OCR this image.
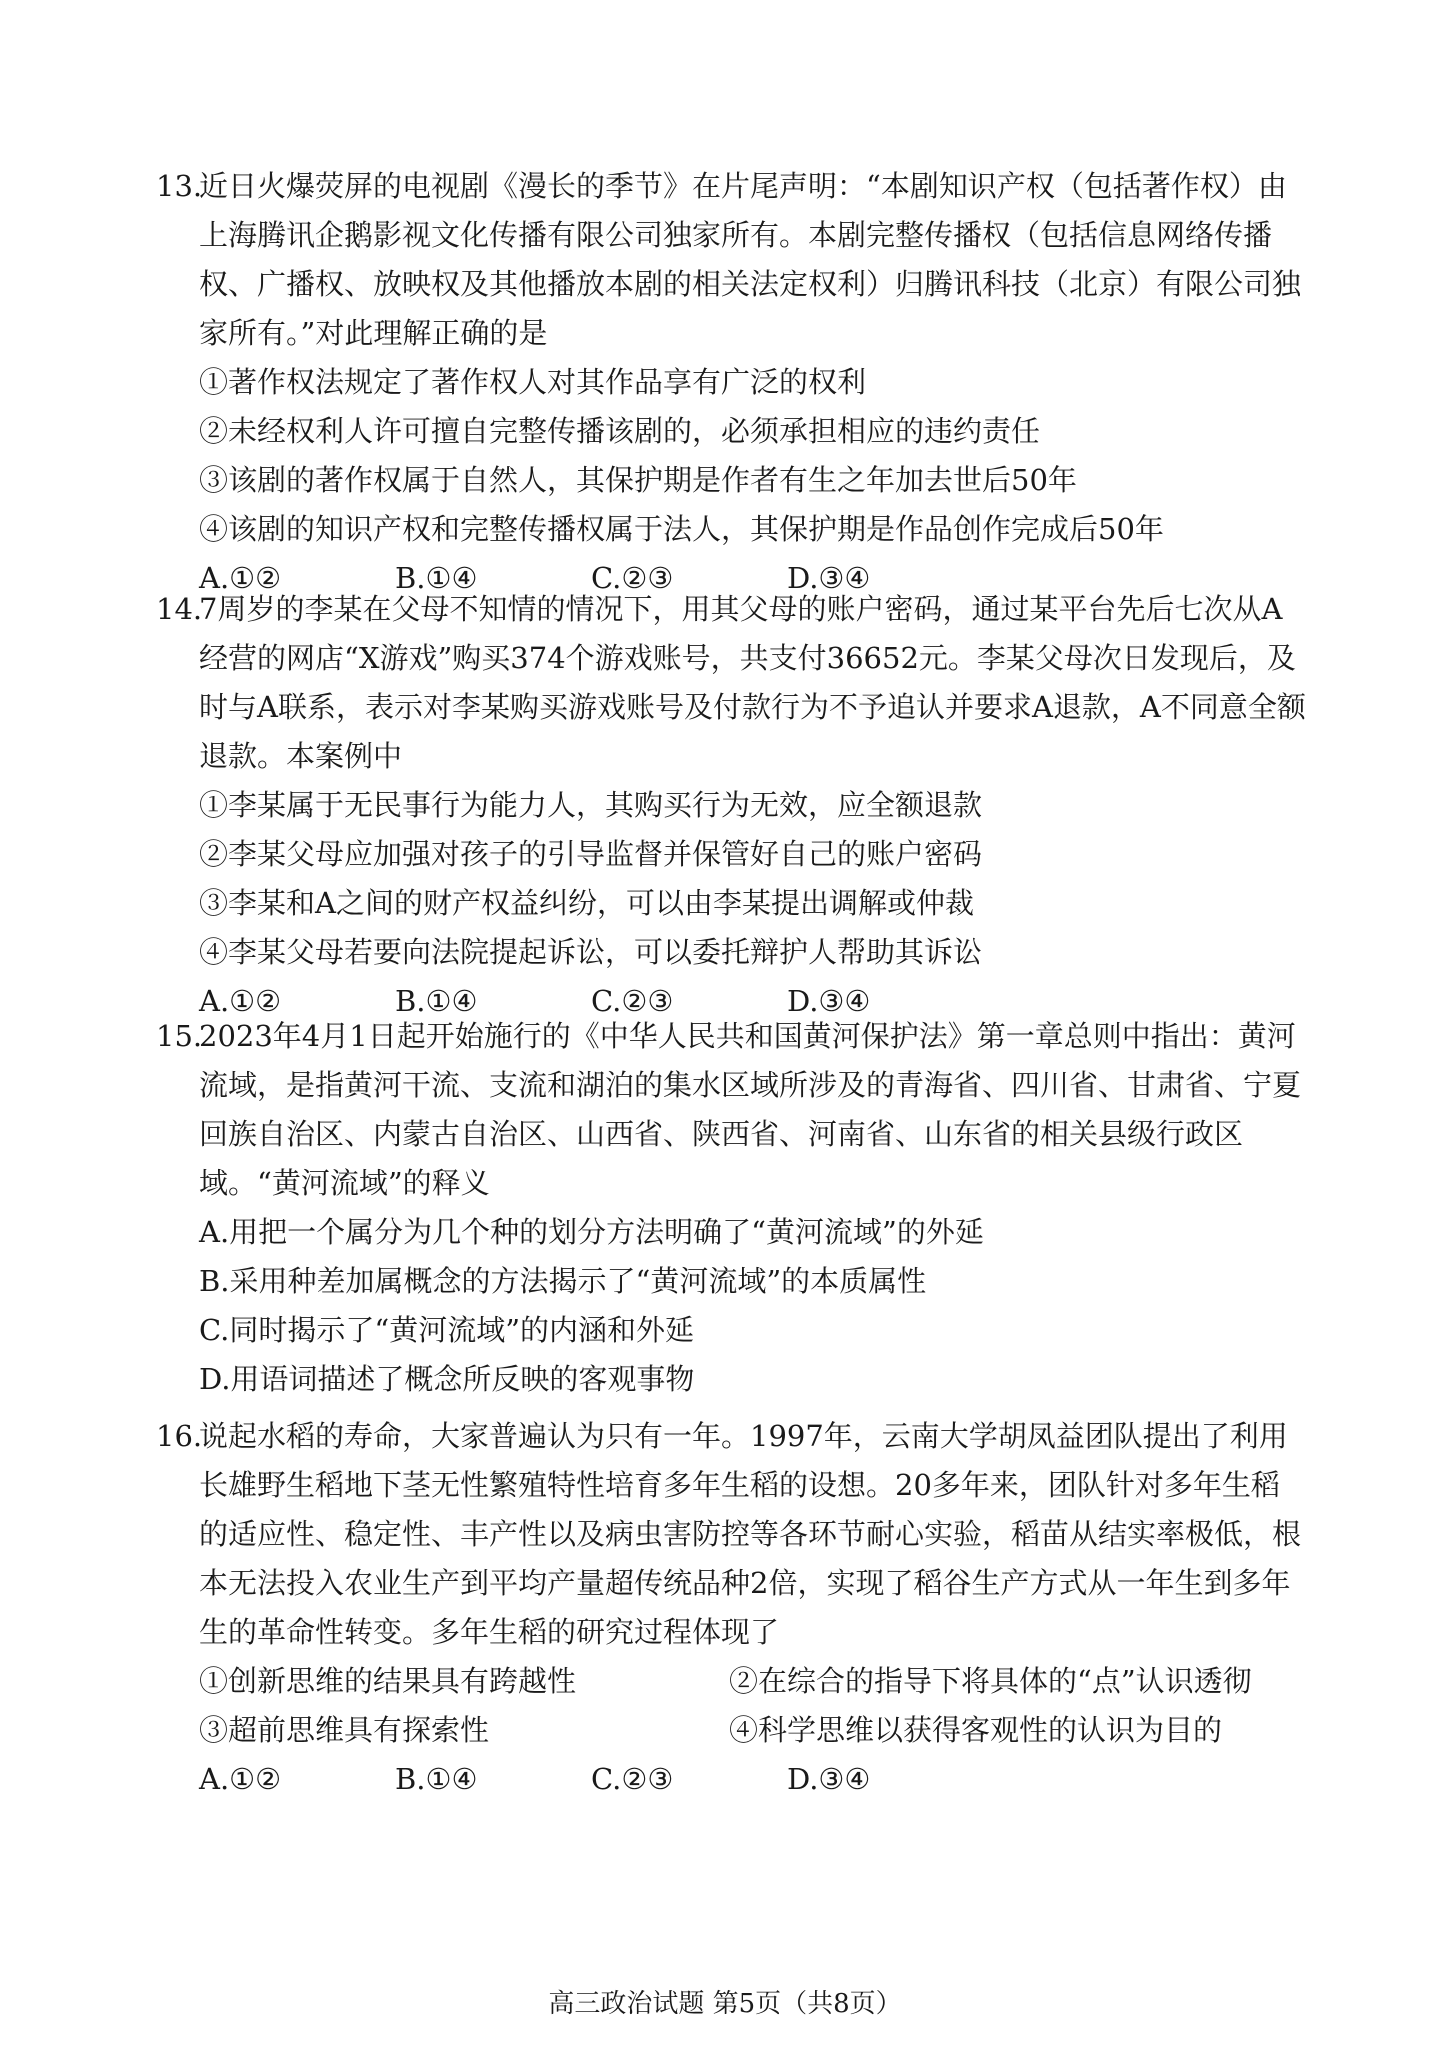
13.近日火爆荧屏的电视剧《漫长的季节》在片尾声明：“本剧知识产权（包括著作权）由上海腾讯企鹅影视文化传播有限公司独家所有。本剧完整传播权（包括信息网络传播权、广播权、放映权及其他播放本剧的相关法定权利）归腾讯科技（北京）有限公司独家所有。”对此理解正确的是

①著作权法规定了著作权人对其作品享有广泛的权利

②未经权利人许可擅自完整传播该剧的，必须承担相应的违约责任

③该剧的著作权属于自然人，其保护期是作者有生之年加去世后50年

④该剧的知识产权和完整传播权属于法人，其保护期是作品创作完成后50年

A.①②	B.①④	C.②③	D.③④

14.7周岁的李某在父母不知情的情况下，用其父母的账户密码，通过某平台先后七次从A经营的网店“X游戏”购买374个游戏账号，共支付36652元。李某父母次日发现后，及时与A联系，表示对李某购买游戏账号及付款行为不予追认并要求A退款，A不同意全额退款。本案例中

①李某属于无民事行为能力人，其购买行为无效，应全额退款

②李某父母应加强对孩子的引导监督并保管好自己的账户密码

③李某和A之间的财产权益纠纷，可以由李某提出调解或仲裁

④李某父母若要向法院提起诉讼，可以委托辩护人帮助其诉讼

A.①②	B.①④	C.②③	D.③④

15.2023年4月1日起开始施行的《中华人民共和国黄河保护法》第一章总则中指出：黄河流域，是指黄河干流、支流和湖泊的集水区域所涉及的青海省、四川省、甘肃省、宁夏回族自治区、内蒙古自治区、山西省、陕西省、河南省、山东省的相关县级行政区域。“黄河流域”的释义

A.用把一个属分为几个种的划分方法明确了“黄河流域”的外延

B.采用种差加属概念的方法揭示了“黄河流域”的本质属性

C.同时揭示了“黄河流域”的内涵和外延

D.用语词描述了概念所反映的客观事物

16.说起水稻的寿命，大家普遍认为只有一年。1997年，云南大学胡凤益团队提出了利用长雄野生稻地下茎无性繁殖特性培育多年生稻的设想。20多年来，团队针对多年生稻的适应性、稳定性、丰产性以及病虫害防控等各环节耐心实验，稻苗从结实率极低，根本无法投入农业生产到平均产量超传统品种2倍，实现了稻谷生产方式从一年生到多年生的革命性转变。多年生稻的研究过程体现了

①创新思维的结果具有跨越性	②在综合的指导下将具体的“点”认识透彻
③超前思维具有探索性	④科学思维以获得客观性的认识为目的
A.①②	B.①④	C.②③	D.③④
高三政治试题 第5页（共8页）
